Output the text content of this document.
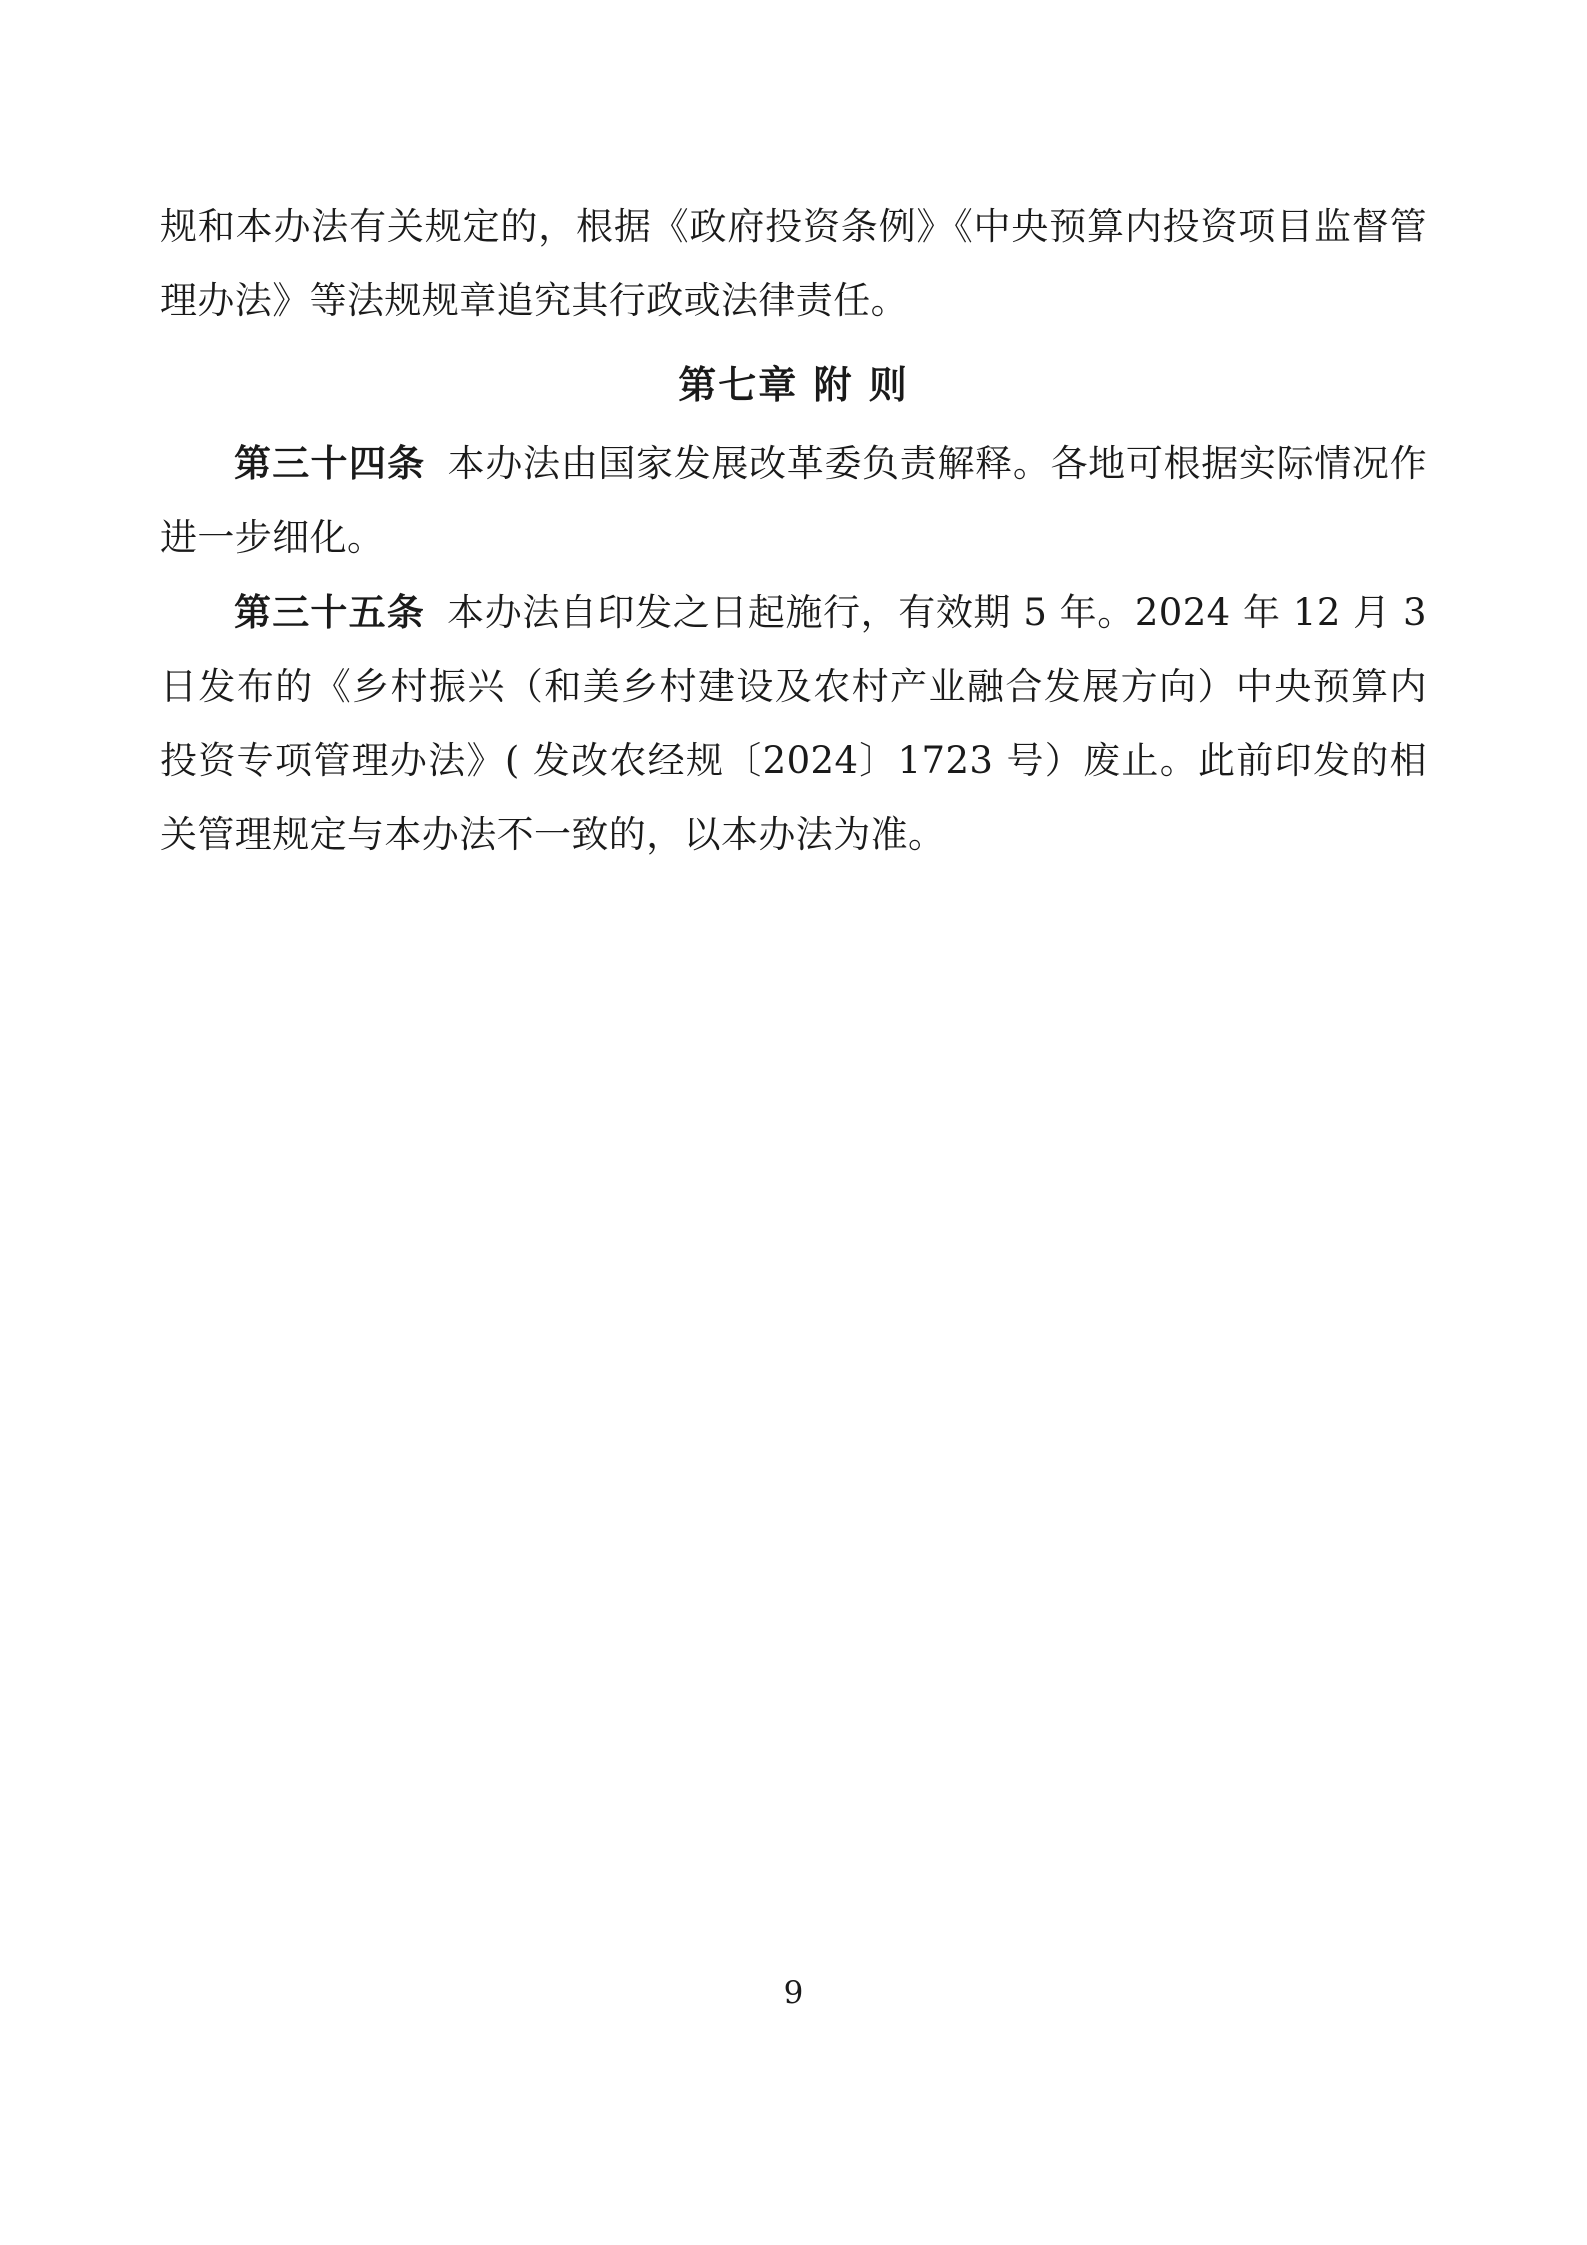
规和本办法有关规定的，根据《政府投资条例》《中央预算内投资项目监督管理办法》等法规规章追究其行政或法律责任。

第七章 附 则

第三十四条 本办法由国家发展改革委负责解释。各地可根据实际情况作进一步细化。

第三十五条 本办法自印发之日起施行，有效期 5 年。2024 年 12 月 3 日发布的《乡村振兴（和美乡村建设及农村产业融合发展方向）中央预算内投资专项管理办法》( 发改农经规〔2024〕1723 号）废止。此前印发的相关管理规定与本办法不一致的，以本办法为准。

9
